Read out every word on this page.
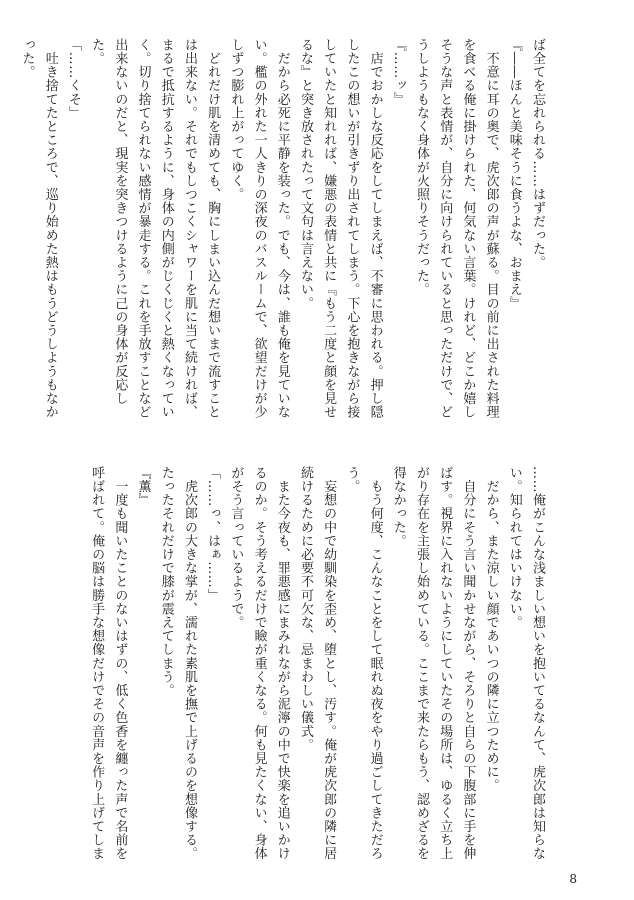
ば全てを忘れられる……はずだった。

『――ほんと美味そうに食うよな、おまえ』

　不意に耳の奥で、虎次郎の声が蘇る。目の前に出された料理を食べる俺に掛けられた、何気ない言葉。けれど、どこか嬉しそうな声と表情が、自分に向けられていると思っただけで、どうしようもなく身体が火照りそうだった。

『……ッ』

　店でおかしな反応をしてしまえば、不審に思われる。押し隠したこの想いが引きずり出されてしまう。下心を抱きながら接していたと知れれば、嫌悪の表情と共に『もう二度と顔を見せるな』と突き放されたって文句は言えない。

　だから必死に平静を装った。でも、今は、誰も俺を見ていない。檻の外れた一人きりの深夜のバスルームで、欲望だけが少しずつ膨れ上がってゆく。

　どれだけ肌を清めても、胸にしまい込んだ想いまで流すことは出来ない。それでもしつこくシャワーを肌に当て続ければ、まるで抵抗するように、身体の内側がじくじくと熱くなっていく。切り捨てられない感情が暴走する。これを手放すことなど出来ないのだと、現実を突きつけるように己の身体が反応した。

「……くそ」

　吐き捨てたところで、巡り始めた熱はもうどうしようもなかった。

……俺がこんな浅ましい想いを抱いてるなんて、虎次郎は知らない。知られてはいけない。

　だから、また涼しい顔であいつの隣に立つために。

　自分にそう言い聞かせながら、そろりと自らの下腹部に手を伸ばす。視界に入れないようにしていたその場所は、ゆるく立ち上がり存在を主張し始めている。ここまで来たらもう、認めざるを得なかった。

　もう何度、こんなことをして眠れぬ夜をやり過ごしてきただろう。

　妄想の中で幼馴染を歪め、堕とし、汚す。俺が虎次郎の隣に居続けるために必要不可欠な、忌まわしい儀式。

　また今夜も、罪悪感にまみれながら泥濘の中で快楽を追いかけるのか。そう考えるだけで瞼が重くなる。何も見たくない、身体がそう言っているようで。

「……っ、はぁ……」

　虎次郎の大きな掌が、濡れた素肌を撫で上げるのを想像する。たったそれだけで膝が震えてしまう。

『薫』

　一度も聞いたことのないはずの、低く色香を纏った声で名前を呼ばれて。俺の脳は勝手な想像だけでその音声を作り上げてしま

8
